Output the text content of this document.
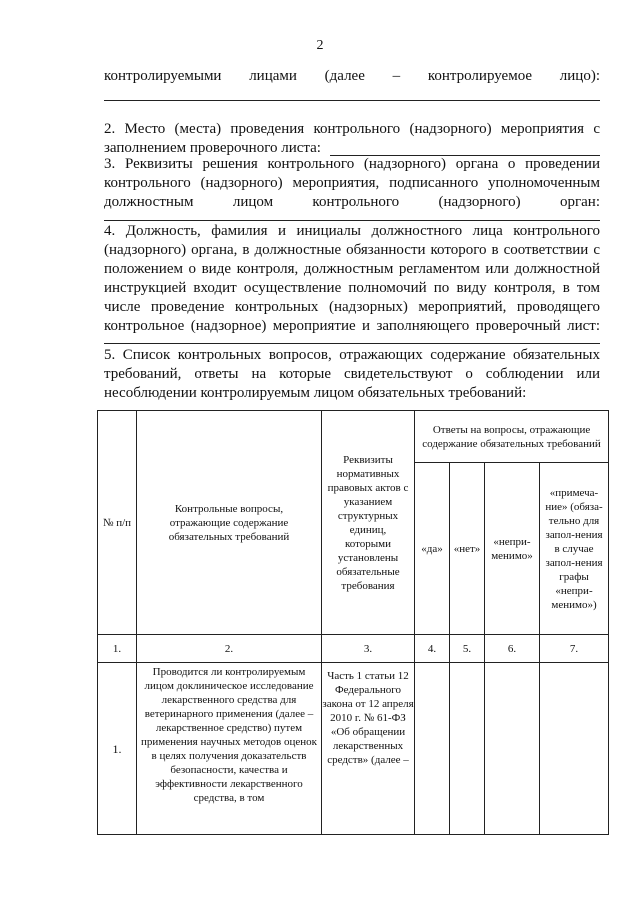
2
контролируемыми лицами (далее – контролируемое лицо):
2. Место (места) проведения контрольного (надзорного) мероприятия с
заполнением проверочного листа:
3. Реквизиты решения контрольного (надзорного) органа о проведении
контрольного (надзорного) мероприятия, подписанного уполномоченным
должностным лицом контрольного (надзорного) орган:
4. Должность, фамилия и инициалы должностного лица контрольного
(надзорного) органа, в должностные обязанности которого в соответствии с
положением о виде контроля, должностным регламентом или должностной
инструкцией входит осуществление полномочий по виду контроля, в том
числе проведение контрольных (надзорных) мероприятий, проводящего
контрольное (надзорное) мероприятие и заполняющего проверочный лист:
5. Список контрольных вопросов, отражающих содержание обязательных
требований, ответы на которые свидетельствуют о соблюдении или
несоблюдении контролируемым лицом обязательных требований:
№ п/п	Контрольные вопросы, отражающие содержание обязательных требований	Реквизиты нормативных правовых актов с указанием структурных единиц, которыми установлены обязательные требования	Ответы на вопросы, отражающие содержание обязательных требований			
			«да»	«нет»	«непри-менимо»	«примеча-ние» (обяза-тельно для запол-нения в случае запол-нения графы «непри-менимо»)
1.	2.	3.	4.	5.	6.	7.
1.	Проводится ли контролируемым лицом доклиническое исследование лекарственного средства для ветеринарного применения (далее – лекарственное средство) путем применения научных методов оценок в целях получения доказательств безопасности, качества и эффективности лекарственного средства, в том	Часть 1 статьи 12 Федерального закона от 12 апреля 2010 г. № 61-ФЗ «Об обращении лекарственных средств» (далее –				
